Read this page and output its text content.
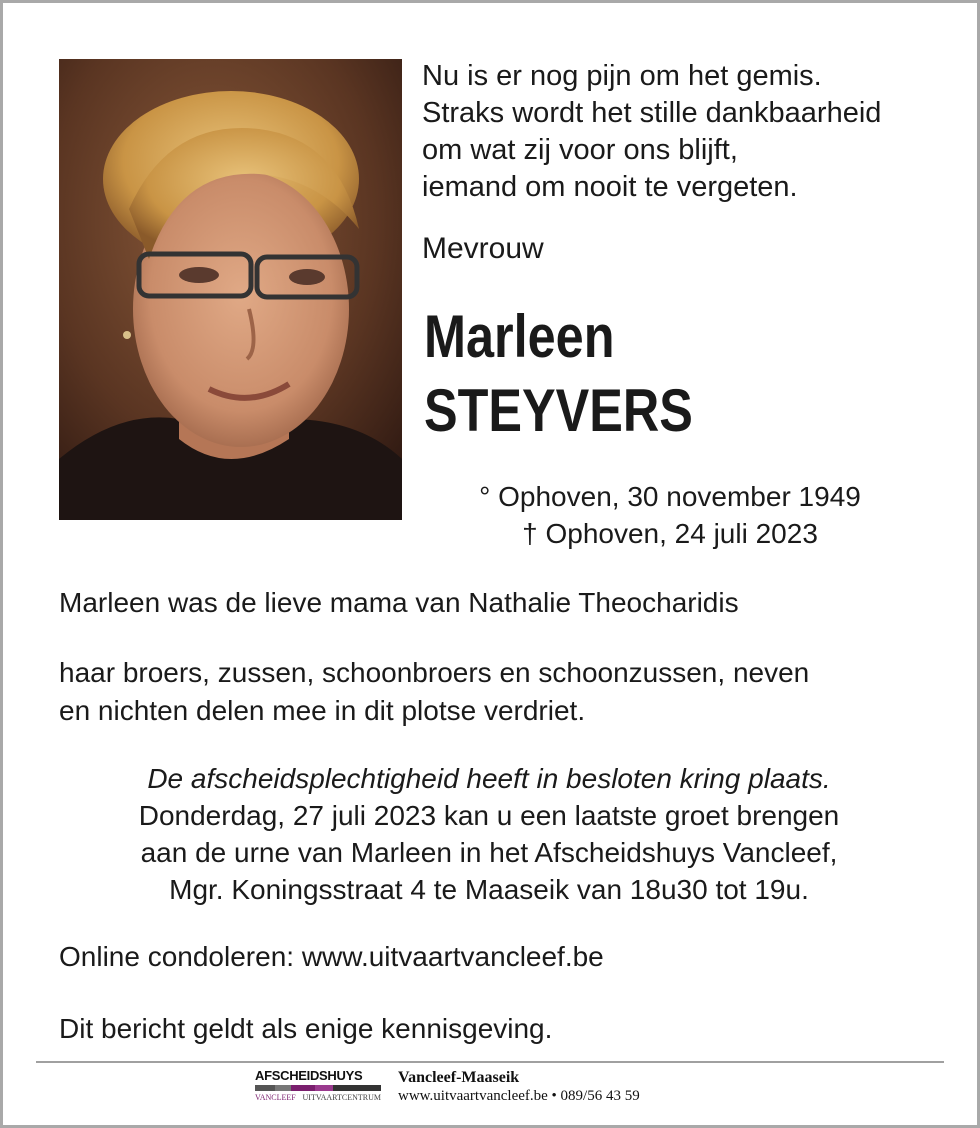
Nu is er nog pijn om het gemis.
Straks wordt het stille dankbaarheid
om wat zij voor ons blijft,
iemand om nooit te vergeten.
Mevrouw
Marleen
STEYVERS
° Ophoven, 30 november 1949
† Ophoven, 24 juli 2023
Marleen was de lieve mama van Nathalie Theocharidis
haar broers, zussen, schoonbroers en schoonzussen, neven
en nichten delen mee in dit plotse verdriet.
De afscheidsplechtigheid heeft in besloten kring plaats.
Donderdag, 27 juli 2023 kan u een laatste groet brengen
aan de urne van Marleen in het Afscheidshuys Vancleef,
Mgr. Koningsstraat 4 te Maaseik van 18u30 tot 19u.
Online condoleren: www.uitvaartvancleef.be
Dit bericht geldt als enige kennisgeving.
AFSCHEIDSHUYS
VANCLEEF UITVAARTCENTRUM
Vancleef-Maaseik
www.uitvaartvancleef.be • 089/56 43 59
